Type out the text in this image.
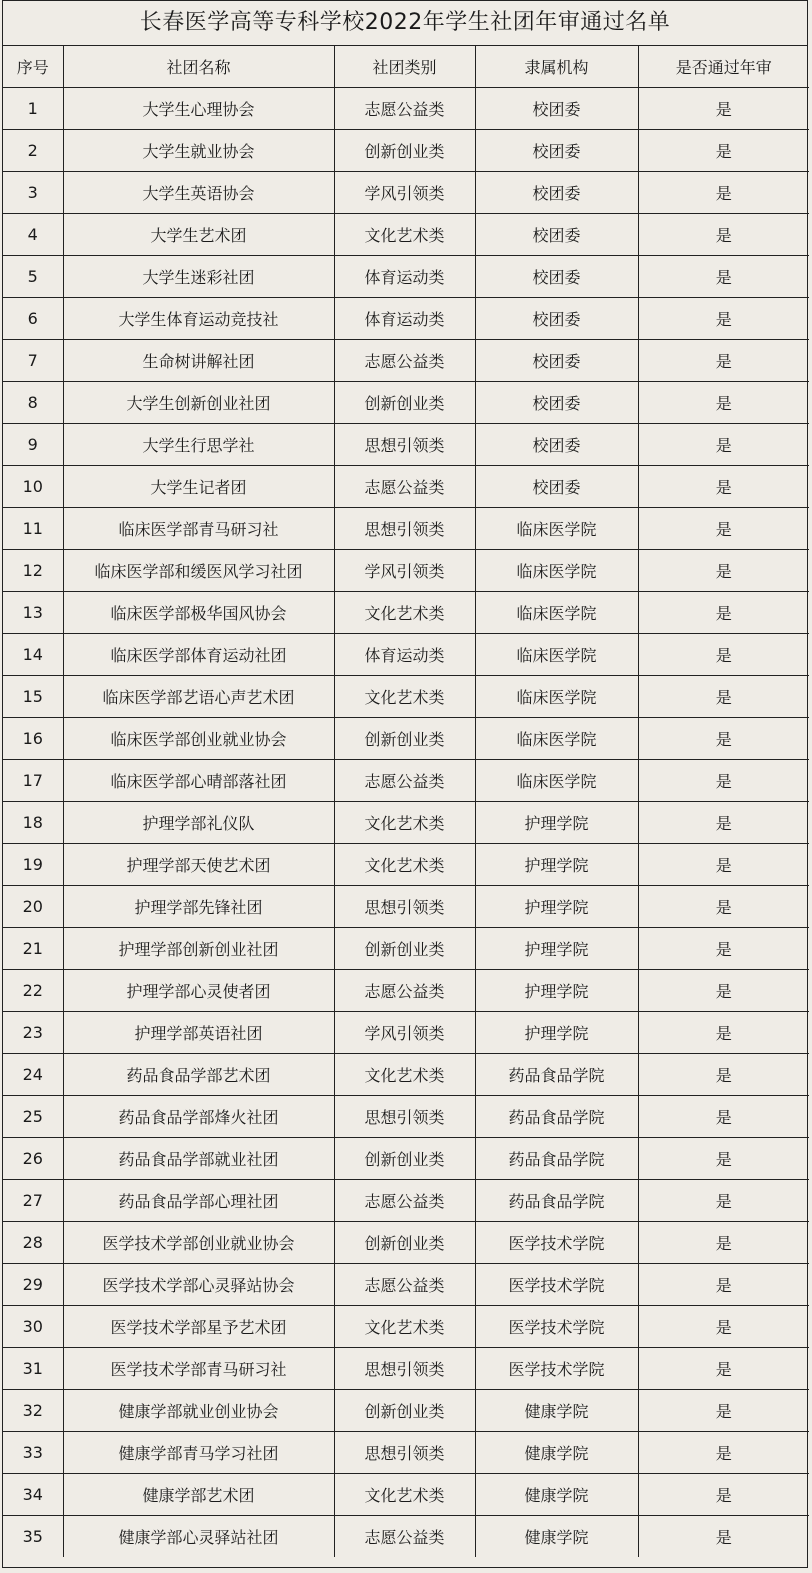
长春医学高等专科学校2022年学生社团年审通过名单
序号	社团名称	社团类别	隶属机构	是否通过年审
1	大学生心理协会	志愿公益类	校团委	是
2	大学生就业协会	创新创业类	校团委	是
3	大学生英语协会	学风引领类	校团委	是
4	大学生艺术团	文化艺术类	校团委	是
5	大学生迷彩社团	体育运动类	校团委	是
6	大学生体育运动竞技社	体育运动类	校团委	是
7	生命树讲解社团	志愿公益类	校团委	是
8	大学生创新创业社团	创新创业类	校团委	是
9	大学生行思学社	思想引领类	校团委	是
10	大学生记者团	志愿公益类	校团委	是
11	临床医学部青马研习社	思想引领类	临床医学院	是
12	临床医学部和缓医风学习社团	学风引领类	临床医学院	是
13	临床医学部极华国风协会	文化艺术类	临床医学院	是
14	临床医学部体育运动社团	体育运动类	临床医学院	是
15	临床医学部艺语心声艺术团	文化艺术类	临床医学院	是
16	临床医学部创业就业协会	创新创业类	临床医学院	是
17	临床医学部心晴部落社团	志愿公益类	临床医学院	是
18	护理学部礼仪队	文化艺术类	护理学院	是
19	护理学部天使艺术团	文化艺术类	护理学院	是
20	护理学部先锋社团	思想引领类	护理学院	是
21	护理学部创新创业社团	创新创业类	护理学院	是
22	护理学部心灵使者团	志愿公益类	护理学院	是
23	护理学部英语社团	学风引领类	护理学院	是
24	药品食品学部艺术团	文化艺术类	药品食品学院	是
25	药品食品学部烽火社团	思想引领类	药品食品学院	是
26	药品食品学部就业社团	创新创业类	药品食品学院	是
27	药品食品学部心理社团	志愿公益类	药品食品学院	是
28	医学技术学部创业就业协会	创新创业类	医学技术学院	是
29	医学技术学部心灵驿站协会	志愿公益类	医学技术学院	是
30	医学技术学部星予艺术团	文化艺术类	医学技术学院	是
31	医学技术学部青马研习社	思想引领类	医学技术学院	是
32	健康学部就业创业协会	创新创业类	健康学院	是
33	健康学部青马学习社团	思想引领类	健康学院	是
34	健康学部艺术团	文化艺术类	健康学院	是
35	健康学部心灵驿站社团	志愿公益类	健康学院	是
